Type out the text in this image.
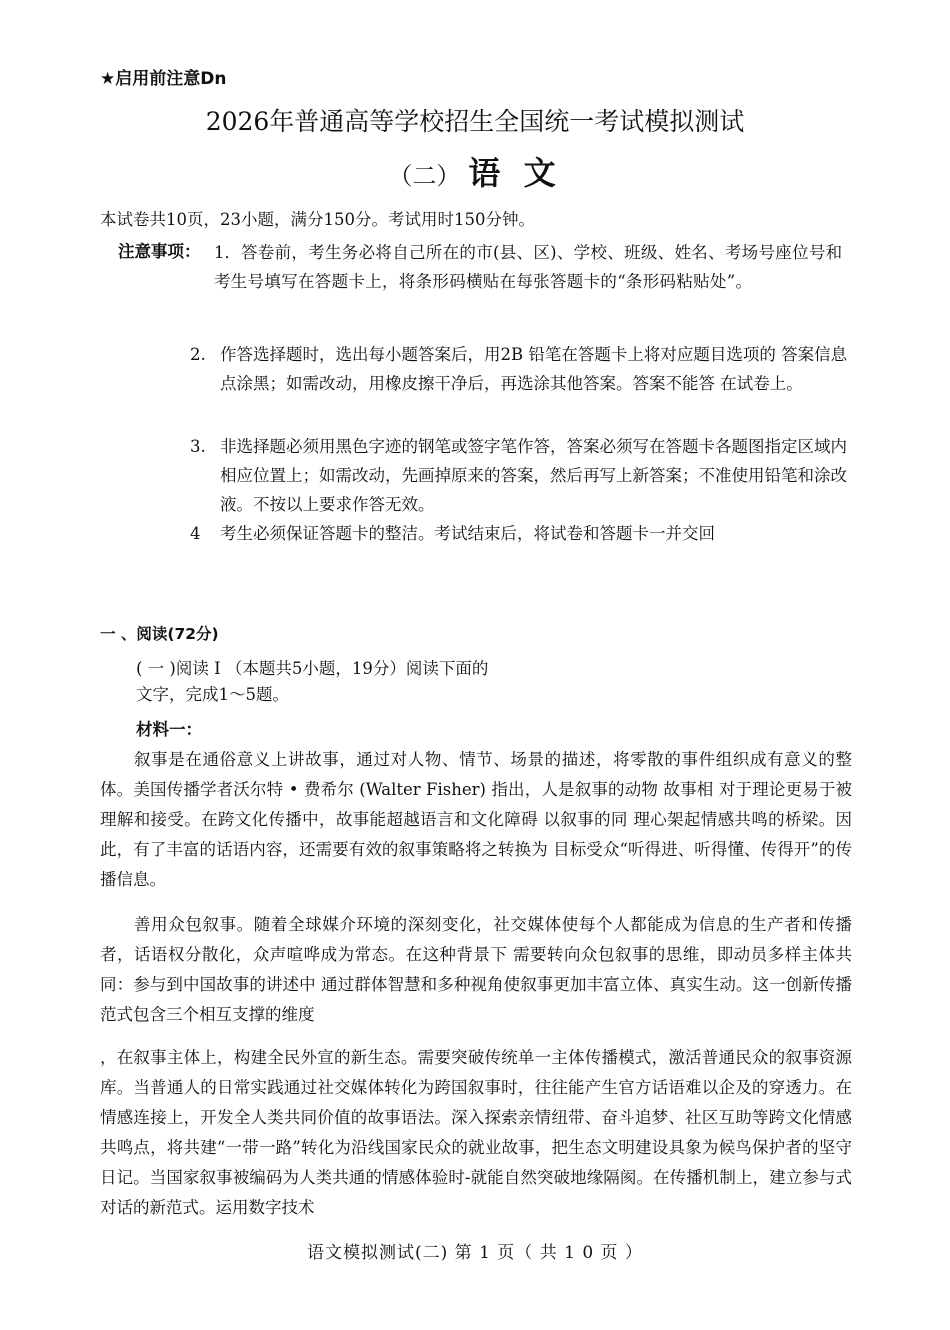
★启用前注意Dn
2026年普通高等学校招生全国统一考试模拟测试
（二） 语 文
本试卷共10页，23小题，满分150分。考试用时150分钟。
注意事项： 1．答卷前，考生务必将自己所在的市(县、区)、学校、班级、姓名、考场号座位号和考生号填写在答题卡上，将条形码横贴在每张答题卡的“条形码粘贴处”。
2. 作答选择题时，选出每小题答案后，用2B 铅笔在答题卡上将对应题目选项的 答案信息点涂黑；如需改动，用橡皮擦干净后，再选涂其他答案。答案不能答 在试卷上。
3. 非选择题必须用黑色字迹的钢笔或签字笔作答，答案必须写在答题卡各题图指定区域内相应位置上；如需改动，先画掉原来的答案，然后再写上新答案；不准使用铅笔和涂改液。不按以上要求作答无效。
4 考生必须保证答题卡的整洁。考试结束后，将试卷和答题卡一并交回
一 、阅读(72分)
( 一 )阅读 I （本题共5小题，19分）阅读下面的文字，完成1～5题。
材料一：
叙事是在通俗意义上讲故事，通过对人物、情节、场景的描述，将零散的事件组织成有意义的整体。美国传播学者沃尔特 • 费希尔 (Walter Fisher) 指出，人是叙事的动物 故事相 对于理论更易于被理解和接受。在跨文化传播中，故事能超越语言和文化障碍 以叙事的同 理心架起情感共鸣的桥梁。因此，有了丰富的话语内容，还需要有效的叙事策略将之转换为 目标受众“听得进、听得懂、传得开”的传播信息。
善用众包叙事。随着全球媒介环境的深刻变化，社交媒体使每个人都能成为信息的生产者和传播者，话语权分散化，众声喧哗成为常态。在这种背景下 需要转向众包叙事的思维，即动员多样主体共同：参与到中国故事的讲述中 通过群体智慧和多种视角使叙事更加丰富立体、真实生动。这一创新传播范式包含三个相互支撑的维度
，在叙事主体上，构建全民外宣的新生态。需要突破传统单一主体传播模式，激活普通民众的叙事资源库。当普通人的日常实践通过社交媒体转化为跨国叙事时，往往能产生官方话语难以企及的穿透力。在情感连接上，开发全人类共同价值的故事语法。深入探索亲情纽带、奋斗追梦、社区互助等跨文化情感共鸣点，将共建“一带一路”转化为沿线国家民众的就业故事，把生态文明建设具象为候鸟保护者的坚守日记。当国家叙事被编码为人类共通的情感体验时-就能自然突破地缘隔阂。在传播机制上，建立参与式对话的新范式。运用数字技术
语文模拟测试(二) 第 1 页（ 共 1 0 页 ）
